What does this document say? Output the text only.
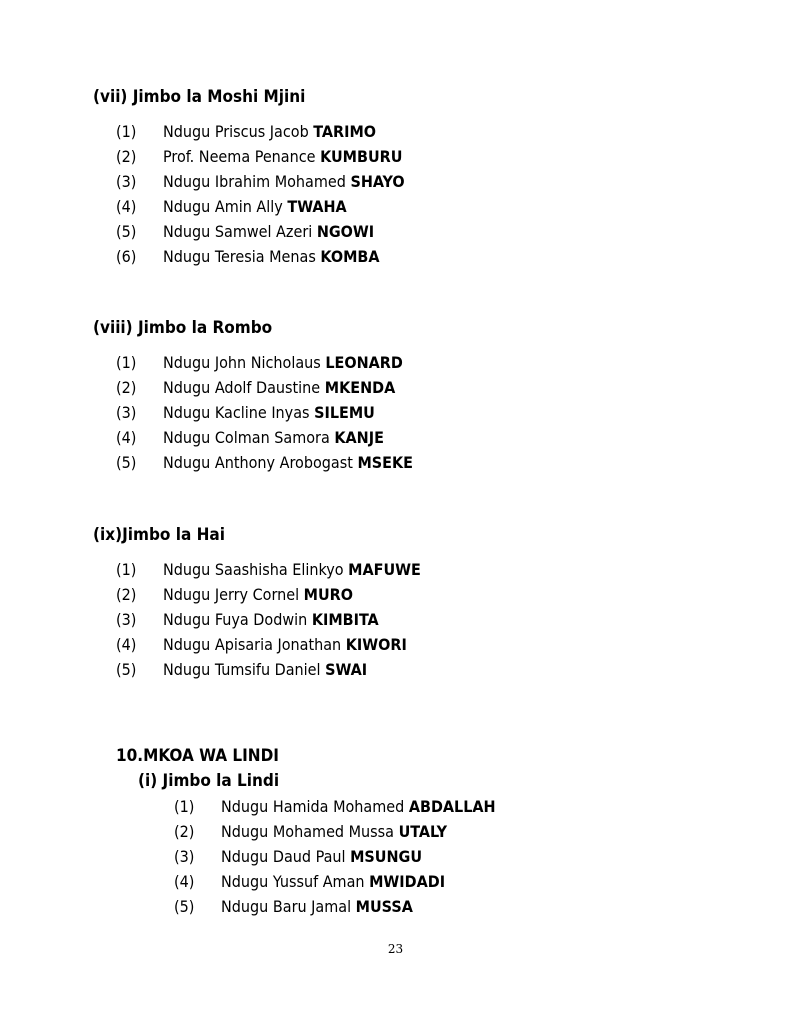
(vii) Jimbo la Moshi Mjini
(1) Ndugu Priscus Jacob TARIMO
(2) Prof. Neema Penance KUMBURU
(3) Ndugu Ibrahim Mohamed SHAYO
(4) Ndugu Amin Ally TWAHA
(5) Ndugu Samwel Azeri NGOWI
(6) Ndugu Teresia Menas KOMBA
(viii) Jimbo la Rombo
(1) Ndugu John Nicholaus LEONARD
(2) Ndugu Adolf Daustine MKENDA
(3) Ndugu Kacline Inyas SILEMU
(4) Ndugu Colman Samora KANJE
(5) Ndugu Anthony Arobogast MSEKE
(ix)Jimbo la Hai
(1) Ndugu Saashisha Elinkyo MAFUWE
(2) Ndugu Jerry Cornel MURO
(3) Ndugu Fuya Dodwin KIMBITA
(4) Ndugu Apisaria Jonathan KIWORI
(5) Ndugu Tumsifu Daniel SWAI
10.MKOA WA LINDI
(i) Jimbo la Lindi
(1) Ndugu Hamida Mohamed ABDALLAH
(2) Ndugu Mohamed Mussa UTALY
(3) Ndugu Daud Paul MSUNGU
(4) Ndugu Yussuf Aman MWIDADI
(5) Ndugu Baru Jamal MUSSA
23
